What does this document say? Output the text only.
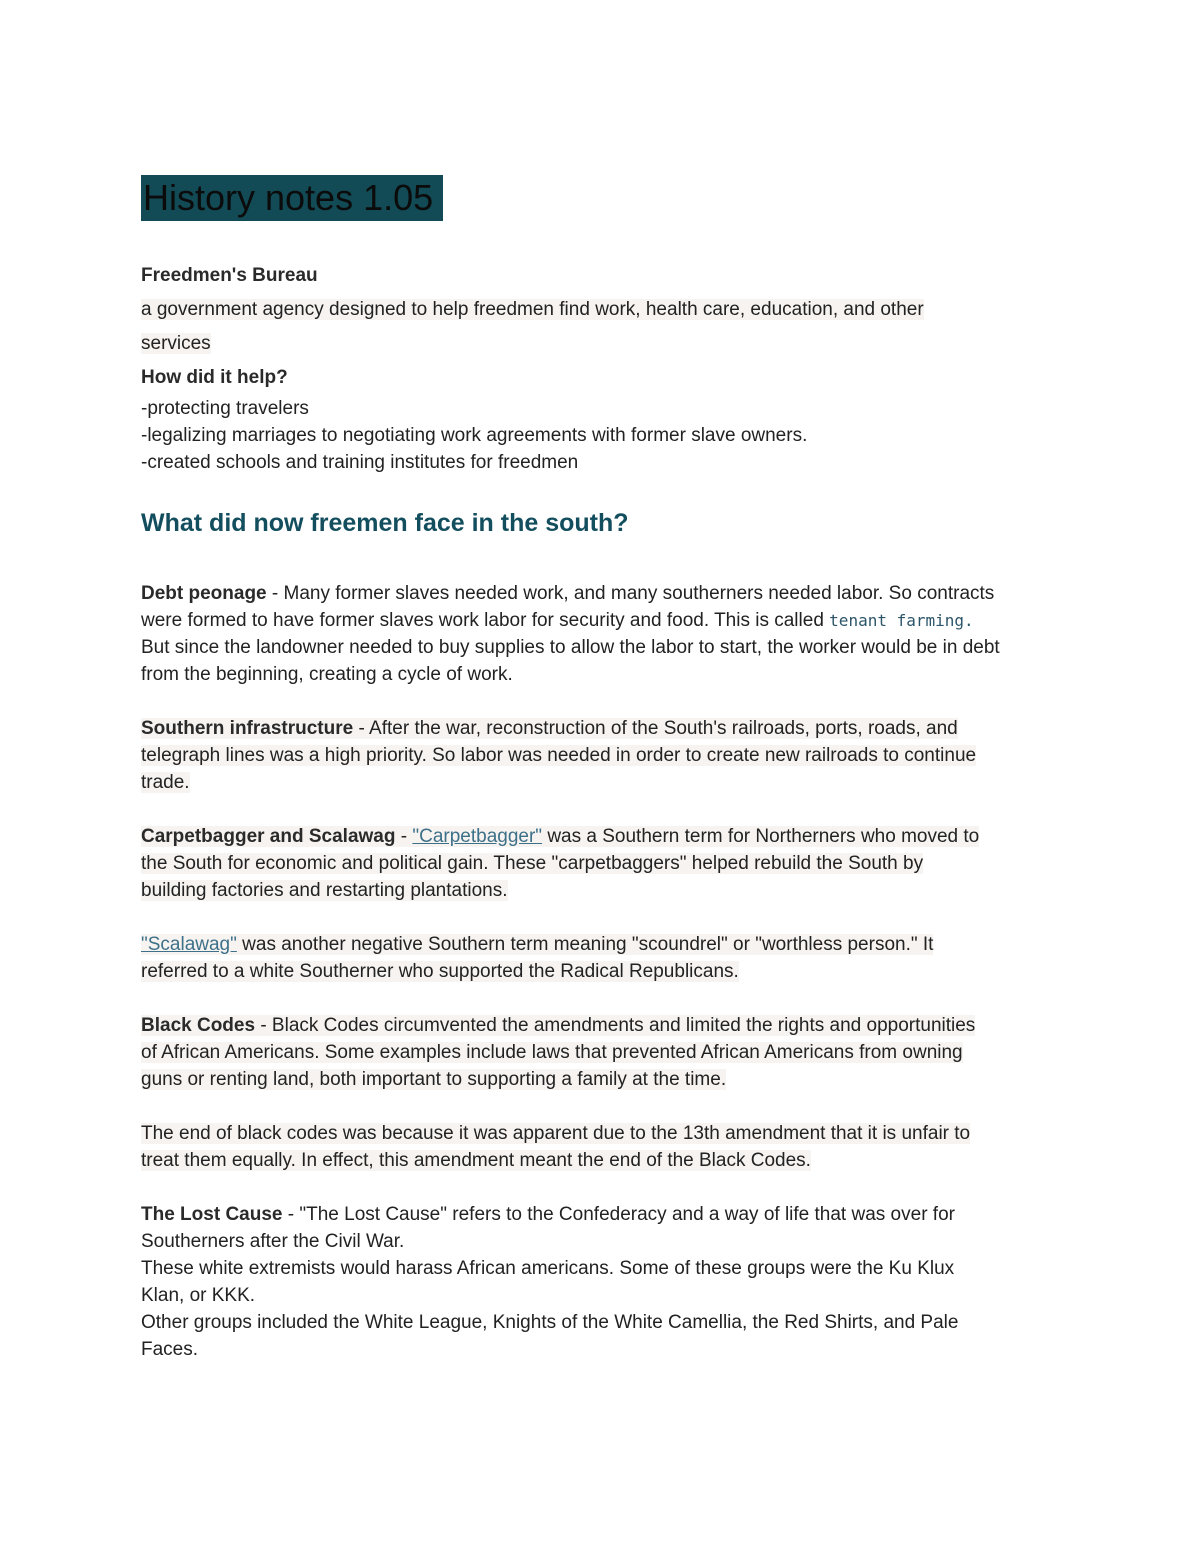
History notes 1.05
Freedmen's Bureau
a government agency designed to help freedmen find work, health care, education, and other
services
How did it help?
-protecting travelers
-legalizing marriages to negotiating work agreements with former slave owners.
-created schools and training institutes for freedmen
What did now freemen face in the south?
Debt peonage - Many former slaves needed work, and many southerners needed labor. So contracts
were formed to have former slaves work labor for security and food. This is called tenant farming.
But since the landowner needed to buy supplies to allow the labor to start, the worker would be in debt
from the beginning, creating a cycle of work.
Southern infrastructure - After the war, reconstruction of the South's railroads, ports, roads, and
telegraph lines was a high priority. So labor was needed in order to create new railroads to continue
trade.
Carpetbagger and Scalawag - "Carpetbagger" was a Southern term for Northerners who moved to
the South for economic and political gain. These "carpetbaggers" helped rebuild the South by
building factories and restarting plantations.
"Scalawag" was another negative Southern term meaning "scoundrel" or "worthless person." It
referred to a white Southerner who supported the Radical Republicans.
Black Codes - Black Codes circumvented the amendments and limited the rights and opportunities
of African Americans. Some examples include laws that prevented African Americans from owning
guns or renting land, both important to supporting a family at the time.
The end of black codes was because it was apparent due to the 13th amendment that it is unfair to
treat them equally. In effect, this amendment meant the end of the Black Codes.
The Lost Cause - "The Lost Cause" refers to the Confederacy and a way of life that was over for
Southerners after the Civil War.
These white extremists would harass African americans. Some of these groups were the Ku Klux
Klan, or KKK.
Other groups included the White League, Knights of the White Camellia, the Red Shirts, and Pale
Faces.
